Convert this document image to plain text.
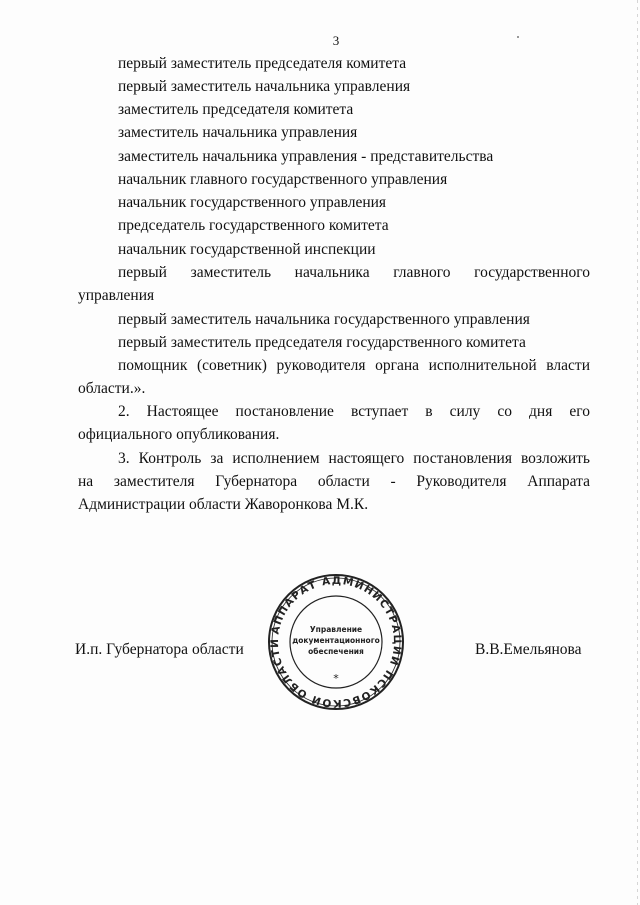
3
первый заместитель председателя комитета
первый заместитель начальника управления
заместитель председателя комитета
заместитель начальника управления
заместитель начальника управления - представительства
начальник главного государственного управления
начальник государственного управления
председатель государственного комитета
начальник государственной инспекции
первый заместитель начальника главного государственного
управления
первый заместитель начальника государственного управления
первый заместитель председателя государственного комитета
помощник (советник) руководителя органа исполнительной власти
области.».
2. Настоящее постановление вступает в силу со дня его
официального опубликования.
3. Контроль за исполнением настоящего постановления возложить
на заместителя Губернатора области - Руководителя Аппарата
Администрации области Жаворонкова М.К.
И.п. Губернатора области	В.В.Емельянова
АППАРАТ АДМИНИСТРАЦИИ ПСКОВСКОЙ ОБЛАСТИ
Управление
документационного
обеспечения
*
